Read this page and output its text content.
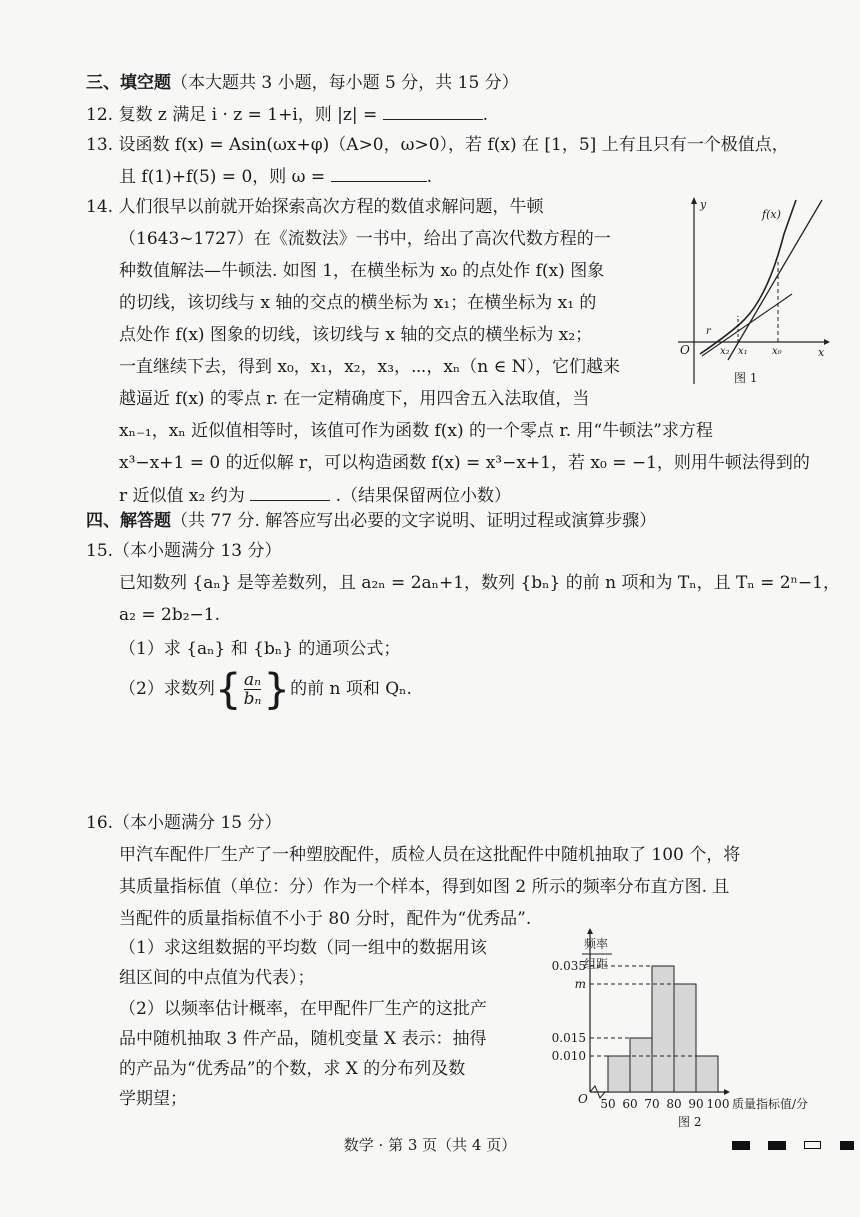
三、填空题（本大题共 3 小题，每小题 5 分，共 15 分）
12. 复数 z 满足 i · z = 1+i，则 |z| =	.
13. 设函数 f(x) = Asin(ωx+φ)（A>0，ω>0），若 f(x) 在 [1，5] 上有且只有一个极值点，
且 f(1)+f(5) = 0，则 ω =	.
14. 人们很早以前就开始探索高次方程的数值求解问题，牛顿
（1643~1727）在《流数法》一书中，给出了高次代数方程的一
种数值解法—牛顿法. 如图 1，在横坐标为 x₀ 的点处作 f(x) 图象
的切线，该切线与 x 轴的交点的横坐标为 x₁；在横坐标为 x₁ 的
点处作 f(x) 图象的切线，该切线与 x 轴的交点的横坐标为 x₂；
一直继续下去，得到 x₀，x₁，x₂，x₃，⋯，xₙ（n ∈ N），它们越来
越逼近 f(x) 的零点 r. 在一定精确度下，用四舍五入法取值，当
xₙ₋₁，xₙ 近似值相等时，该值可作为函数 f(x) 的一个零点 r. 用“牛顿法”求方程
x³−x+1 = 0 的近似解 r，可以构造函数 f(x) = x³−x+1，若 x₀ = −1，则用牛顿法得到的
r 近似值 x₂ 约为	.（结果保留两位小数）
y
x
O
f(x)
r
x₂ x₁ x₀
图 1
四、解答题（共 77 分. 解答应写出必要的文字说明、证明过程或演算步骤）
15.（本小题满分 13 分）
已知数列 {aₙ} 是等差数列，且 a₂ₙ = 2aₙ+1，数列 {bₙ} 的前 n 项和为 Tₙ，且 Tₙ = 2ⁿ−1，
a₂ = 2b₂−1.
（1）求 {aₙ} 和 {bₙ} 的通项公式；
（2）求数列{ $\frac{\text{aₙ}}{\text{bₙ}}$ }的前 n 项和 Qₙ.
16.（本小题满分 15 分）
甲汽车配件厂生产了一种塑胶配件，质检人员在这批配件中随机抽取了 100 个，将
其质量指标值（单位：分）作为一个样本，得到如图 2 所示的频率分布直方图. 且
当配件的质量指标值不小于 80 分时，配件为“优秀品”.
（1）求这组数据的平均数（同一组中的数据用该
组区间的中点值为代表）；
（2）以频率估计概率，在甲配件厂生产的这批产
品中随机抽取 3 件产品，随机变量 X 表示：抽得
的产品为“优秀品”的个数，求 X 的分布列及数
学期望；
频率
组距
O 50 60 70 80 90 100
0.035
m
0.015
0.010
质量指标值/分
图 2
数学 · 第 3 页（共 4 页）
